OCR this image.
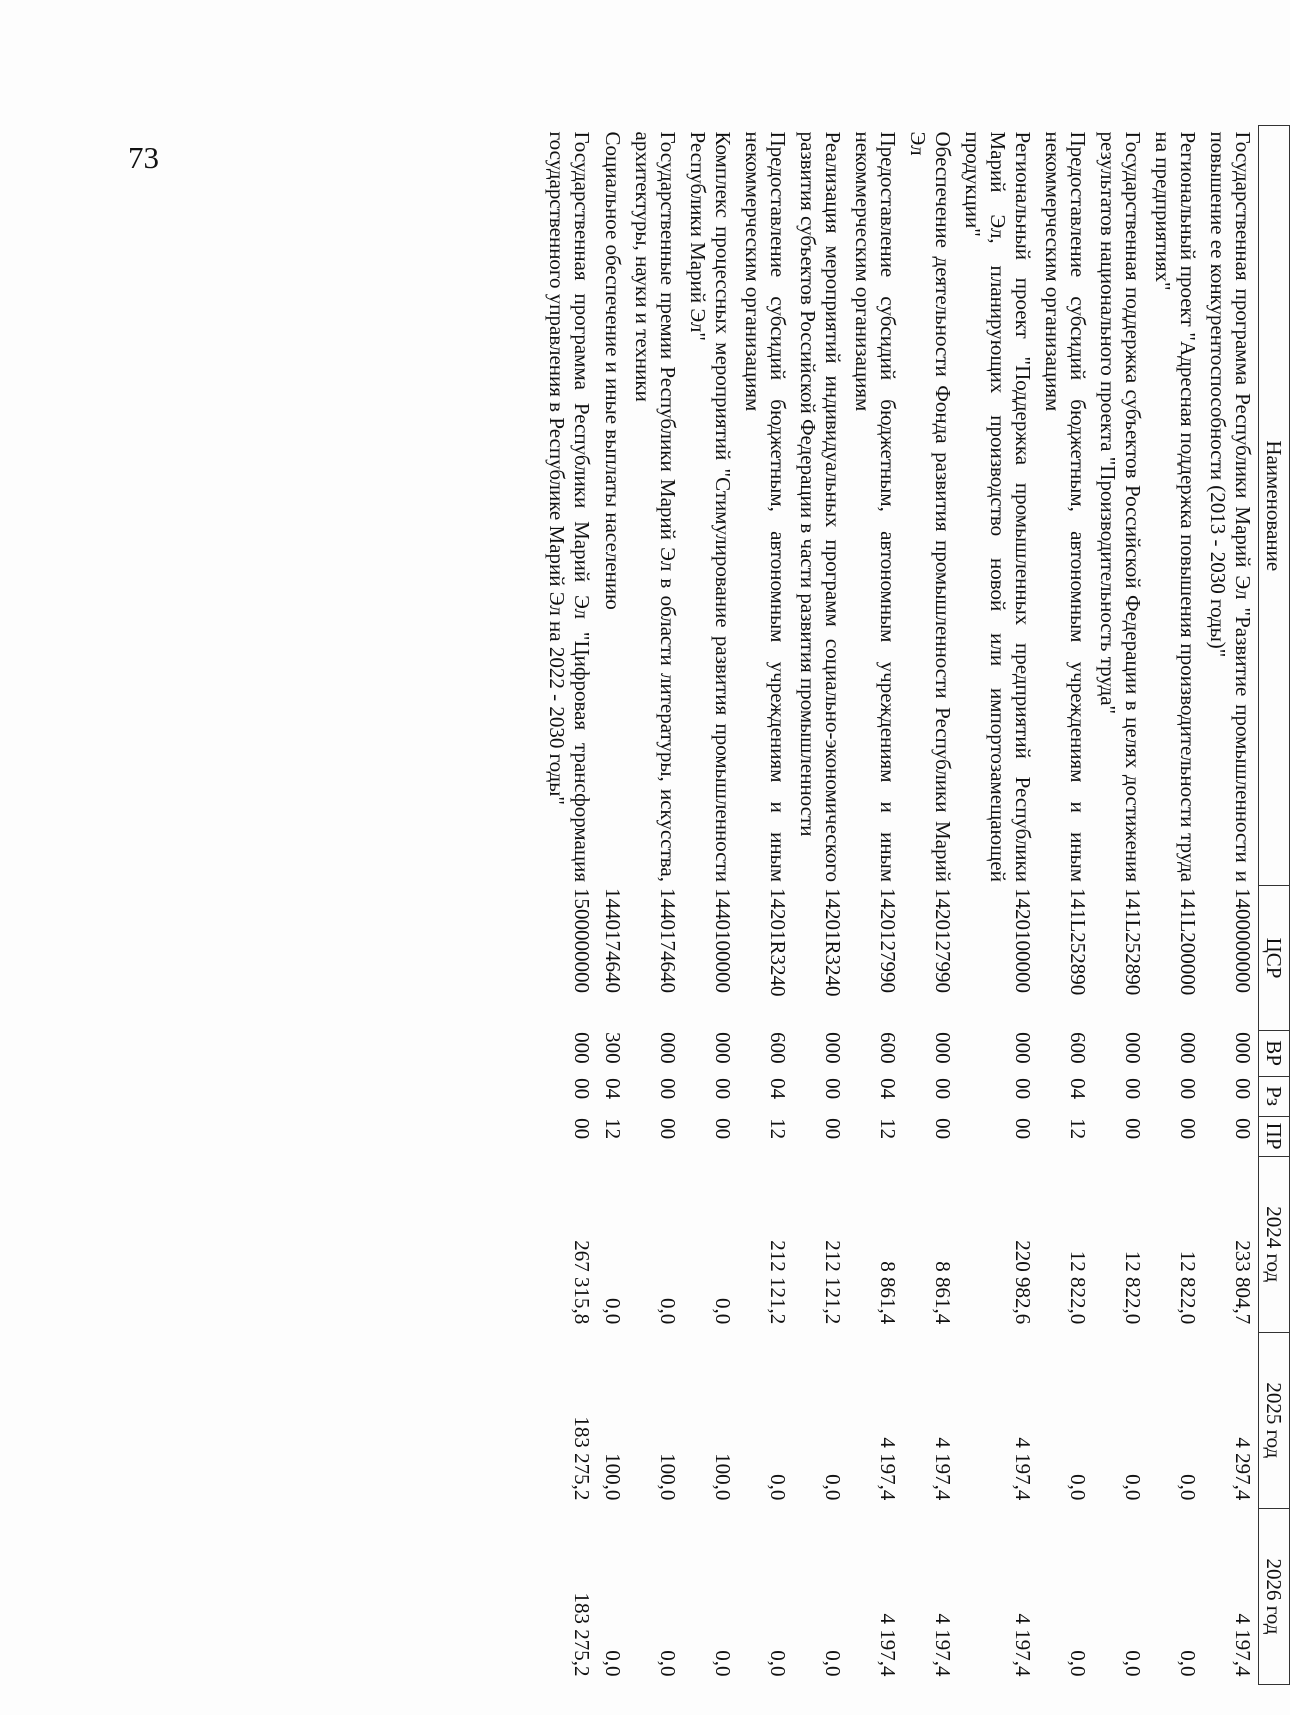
73
Наименование	ЦСР	ВР	Рз	ПР	2024 год	2025 год	2026 год
Государственная программа Республики Марий Эл "Развитие промышленности и повышение ее конкурентоспособности (2013 - 2030 годы)"	1400000000	000	00	00	233 804,7	4 297,4	4 197,4
Региональный проект "Адресная поддержка повышения производительности труда на предприятиях"	141L200000	000	00	00	12 822,0	0,0	0,0
Государственная поддержка субъектов Российской Федерации в целях достижения результатов национального проекта "Производительность труда"	141L252890	000	00	00	12 822,0	0,0	0,0
Предоставление субсидий бюджетным, автономным учреждениям и иным некоммерческим организациям	141L252890	600	04	12	12 822,0	0,0	0,0
Региональный проект "Поддержка промышленных предприятий Республики Марий Эл, планирующих производство новой или импортозамещающей продукции"	1420100000	000	00	00	220 982,6	4 197,4	4 197,4
Обеспечение деятельности Фонда развития промышленности Республики Марий Эл	1420127990	000	00	00	8 861,4	4 197,4	4 197,4
Предоставление субсидий бюджетным, автономным учреждениям и иным некоммерческим организациям	1420127990	600	04	12	8 861,4	4 197,4	4 197,4
Реализация мероприятий индивидуальных программ социально-экономического развития субъектов Российской Федерации в части развития промышленности	14201R3240	000	00	00	212 121,2	0,0	0,0
Предоставление субсидий бюджетным, автономным учреждениям и иным некоммерческим организациям	14201R3240	600	04	12	212 121,2	0,0	0,0
Комплекс процессных мероприятий "Стимулирование развития промышленности Республики Марий Эл"	1440100000	000	00	00	0,0	100,0	0,0
Государственные премии Республики Марий Эл в области литературы, искусства, архитектуры, науки и техники	1440174640	000	00	00	0,0	100,0	0,0
Социальное обеспечение и иные выплаты населению	1440174640	300	04	12	0,0	100,0	0,0
Государственная программа Республики Марий Эл "Цифровая трансформация государственного управления в Республике Марий Эл на 2022 - 2030 годы"	1500000000	000	00	00	267 315,8	183 275,2	183 275,2
